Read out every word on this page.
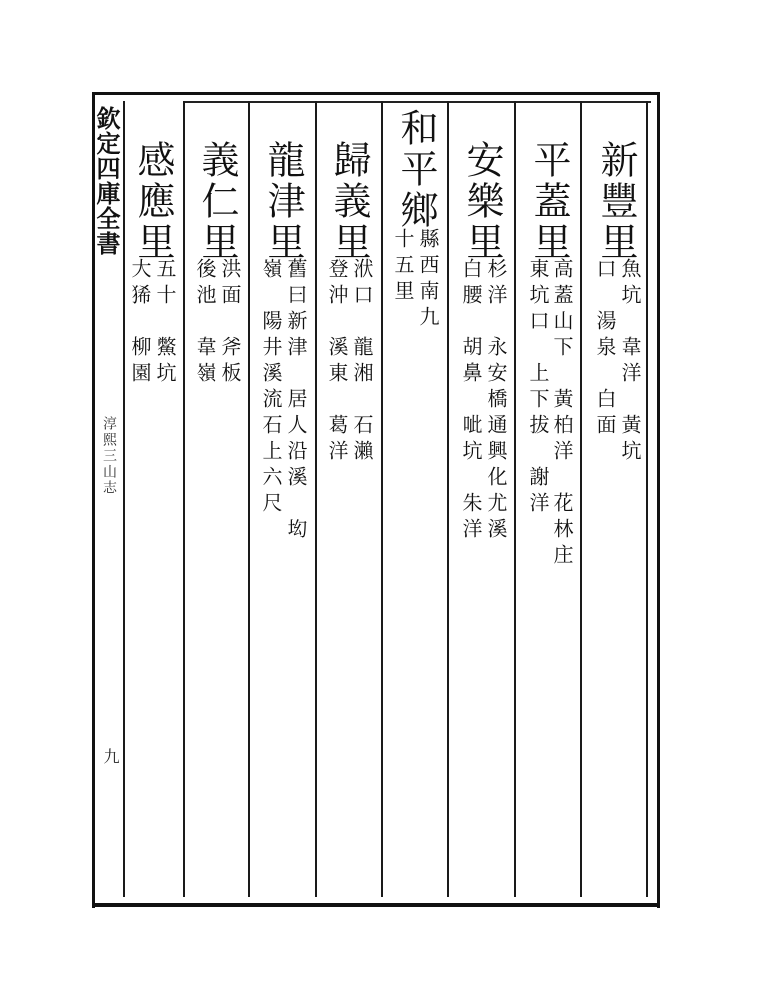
欽定四庫全書
淳熙三山志
九
新豐里
魚坑　韋洋　黃坑
口　湯泉　白面
平蓋里
高蓋山下　黃柏洋　花林庄
東坑口　上下拔　謝洋
安樂里
杉洋　永安橋通興化尤溪
白腰　胡鼻　呲坑　朱洋
和平鄉
縣西南九
十五里
歸義里
洑口　龍湘　石瀨
登沖　溪東　葛洋
龍津里
舊曰新津　居人沿溪　㘭
嶺　陽井溪流石上六尺
義仁里
洪面　斧板
後池　韋嶺
感應里
五十　鱉坑
大狶　柳園
